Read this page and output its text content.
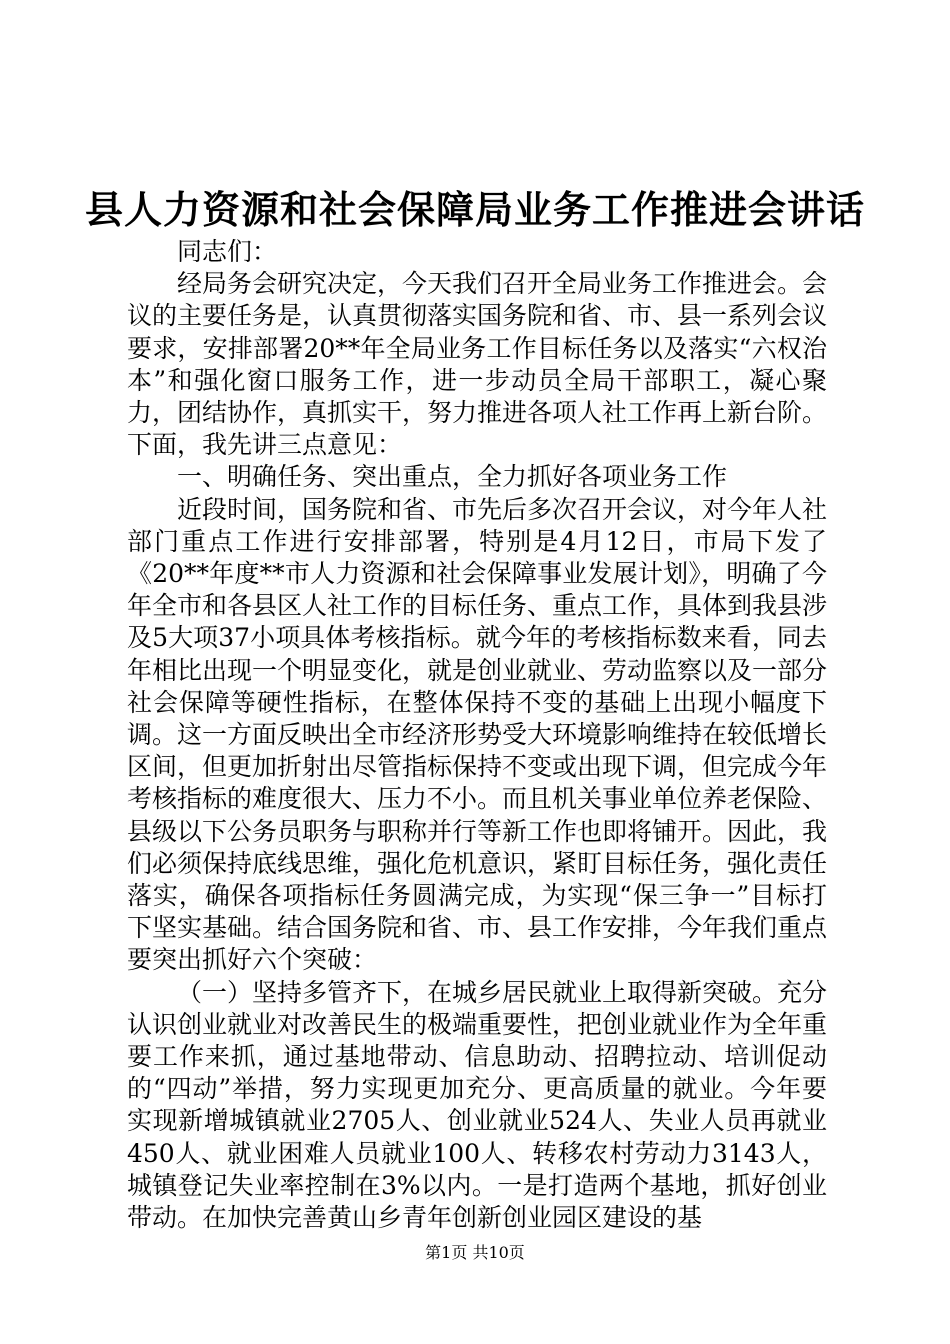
县人力资源和社会保障局业务工作推进会讲话

同志们：

经局务会研究决定，今天我们召开全局业务工作推进会。会议的主要任务是，认真贯彻落实国务院和省、市、县一系列会议要求，安排部署20**年全局业务工作目标任务以及落实“六权治本”和强化窗口服务工作，进一步动员全局干部职工，凝心聚力，团结协作，真抓实干，努力推进各项人社工作再上新台阶。下面，我先讲三点意见：

一、明确任务、突出重点，全力抓好各项业务工作

近段时间，国务院和省、市先后多次召开会议，对今年人社部门重点工作进行安排部署，特别是4月12日，市局下发了《20**年度**市人力资源和社会保障事业发展计划》，明确了今年全市和各县区人社工作的目标任务、重点工作，具体到我县涉及5大项37小项具体考核指标。就今年的考核指标数来看，同去年相比出现一个明显变化，就是创业就业、劳动监察以及一部分社会保障等硬性指标，在整体保持不变的基础上出现小幅度下调。这一方面反映出全市经济形势受大环境影响维持在较低增长区间，但更加折射出尽管指标保持不变或出现下调，但完成今年考核指标的难度很大、压力不小。而且机关事业单位养老保险、县级以下公务员职务与职称并行等新工作也即将铺开。因此，我们必须保持底线思维，强化危机意识，紧盯目标任务，强化责任落实，确保各项指标任务圆满完成，为实现“保三争一”目标打下坚实基础。结合国务院和省、市、县工作安排，今年我们重点要突出抓好六个突破：

（一）坚持多管齐下，在城乡居民就业上取得新突破。充分认识创业就业对改善民生的极端重要性，把创业就业作为全年重要工作来抓，通过基地带动、信息助动、招聘拉动、培训促动的“四动”举措，努力实现更加充分、更高质量的就业。今年要实现新增城镇就业2705人、创业就业524人、失业人员再就业450人、就业困难人员就业100人、转移农村劳动力3143人，城镇登记失业率控制在3%以内。一是打造两个基地，抓好创业带动。在加快完善黄山乡青年创新创业园区建设的基

第1页 共10页
